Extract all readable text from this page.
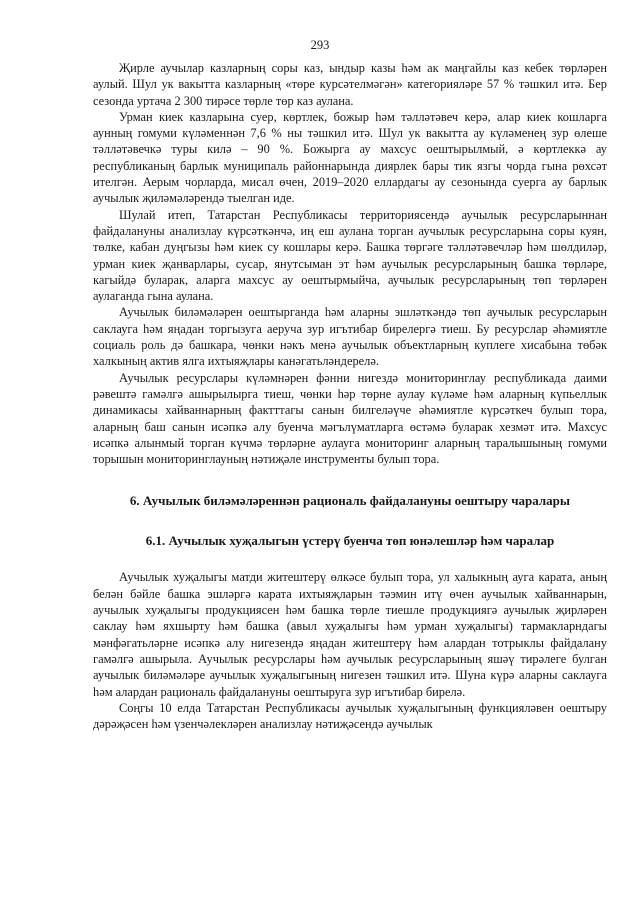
293

Җирле аучылар казларның соры каз, ындыр казы һәм ак маңгайлы каз кебек төрләрен аулый. Шул ук вакытта казларның «төре курсәтелмәгән» категорияләре 57 % тәшкил итә. Бер сезонда уртача 2 300 тирәсе төрле төр каз аулана.

Урман киек казларына суер, көртлек, божыр һәм тәлләтәвеч керә, алар киек кошларга аунның гомуми күләменнән 7,6 % ны тәшкил итә. Шул ук вакытта ау күләменең зур өлеше тәлләтәвечкә туры килә – 90 %. Божырга ау махсус оештырылмый, ә көртлеккә ау республиканың барлык муниципаль районнарында диярлек бары тик язгы чорда гына рөхсәт ителгән. Аерым чорларда, мисал өчен, 2019–2020 еллардагы ау сезонында суерга ау барлык аучылык җиләмәләрендә тыелган иде.

Шулай итеп, Татарстан Республикасы территориясендә аучылык ресурсларыннан файдалануны анализлау күрсәткәнчә, иң еш аулана торган аучылык ресурсларына соры куян, төлке, кабан дуңгызы һәм киек су кошлары керә. Башка төргәге тәлләтәвечләр һәм шөлдиләр, урман киек җанварлары, сусар, янутсыман эт һәм аучылык ресурсларының башка төрләре, кагыйдә буларак, аларга махсус ау оештырмыйча, аучылык ресурсларының төп төрләрен аулаганда гына аулана.

Аучылык биләмәләрен оештырганда һәм аларны эшләткәндә төп аучылык ресурсларын саклауга һәм яңадан торгызуга аеруча зур игътибар бирелергә тиеш. Бу ресурслар әһәмиятле социаль роль дә башкара, чөнки нәкъ менә аучылык объектларның куплеге хисабына төбәк халкының актив ялга ихтыяҗлары канәгатьләндерелә.

Аучылык ресурслары күләмнәрен фәнни нигездә мониторинглау республикада даими рәвештә гамәлгә ашырылырга тиеш, чөнки һәр төрне аулау күләме һәм аларның күпьеллык динамикасы хайваннарның фактттагы санын билгеләүче әһәмиятле күрсәткеч булып тора, аларның баш санын исәпкә алу буенча мәгълүматларга өстәмә буларак хезмәт итә. Махсус исәпкә алынмый торган күчмә төрләрне аулауга мониторинг аларның таралышының гомуми торышын мониторинглауның нәтиҗәле инструменты булып тора.

6. Аучылык биләмәләреннән рациональ файдалануны оештыру чаралары
6.1. Аучылык хуҗалыгын үстерү буенча төп юнәлешләр һәм чаралар

Аучылык хуҗалыгы матди житештерү өлкәсе булып тора, ул халыкның ауга карата, аның белән бәйле башка эшләргә карата ихтыяҗларын тәэмин итү өчен аучылык хайваннарын, аучылык хуҗалыгы продукциясен һәм башка төрле тиешле продукциягә аучылык җирләрен саклау һәм яхшырту һәм башка (авыл хуҗалыгы һәм урман хуҗалыгы) тармакларндагы мәнфәгатьләрне исәпкә алу нигезендә яңадан житештерү һәм алардан тотрыклы файдалану гамәлгә ашырыла. Аучылык ресурслары һәм аучылык ресурсларының яшәү тирәлеге булган аучылык биләмәләре аучылык хуҗалыгының нигезен тәшкил итә. Шуна күрә аларны саклауга һәм алардан рациональ файдалануны оештыруга зур игътибар бирелә.

Соңгы 10 елда Татарстан Республикасы аучылык хуҗалыгының функцияләвен оештыру дәрәҗәсен һәм үзенчәлекләрен анализлау нәтиҗәсендә аучылык
